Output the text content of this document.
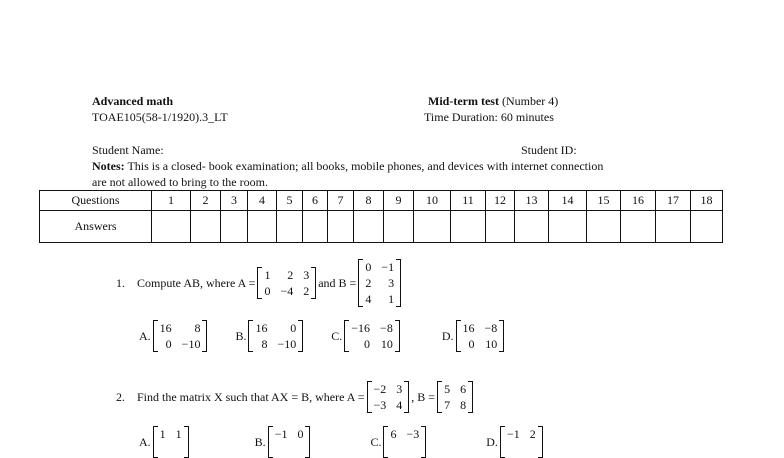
Advanced math
TOAE105(58-1/1920).3_LT
Mid-term test (Number 4)
Time Duration: 60 minutes
Student Name:	Student ID:
Notes: This is a closed- book examination; all books, mobile phones, and devices with internet connection
are not allowed to bring to the room.
Questions	1	2	3	4	5	6	7	8	9	10	11	12	13	14	15	16	17	18
Answers																		
1. Compute AB, where A =
1	2 3
0 −4 2
and B =
0 −1
2	3
4	1
A.
16	8
0 −10
B.
16	0
8 −10
C.
−16 −8
0 10
D.
16 −8
0 10
2. Find the matrix X such that AX = B, where A =
−2 3
−3 4
, B =
5 6
7 8
A.
1 1

B.
−1 0

C.
6 −3

D.
−1 2
